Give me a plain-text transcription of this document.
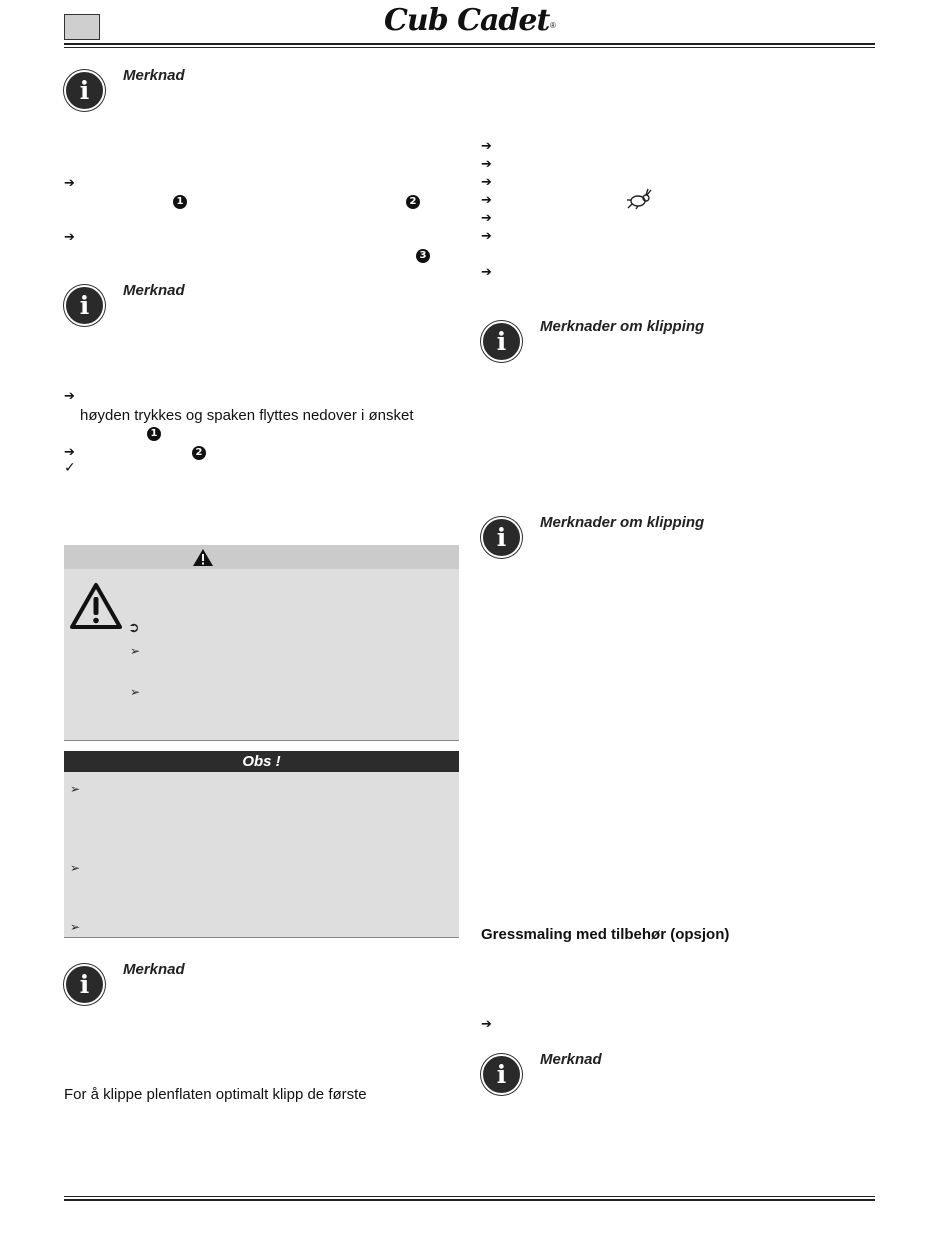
Cub Cadet ®
i
Merknad
➔
1	2
➔
3
i
Merknad
➔
høyden trykkes og spaken flyttes nedover i ønsket
1
➔	2
✓
➲
➢
➢
Obs !
➢
➢
➢
i
Merknad
For å klippe plenflaten optimalt klipp de første
➔
➔
➔
➔
➔
➔
➔
i
Merknader om klipping
i
Merknader om klipping
Gressmaling med tilbehør (opsjon)
➔
i
Merknad
